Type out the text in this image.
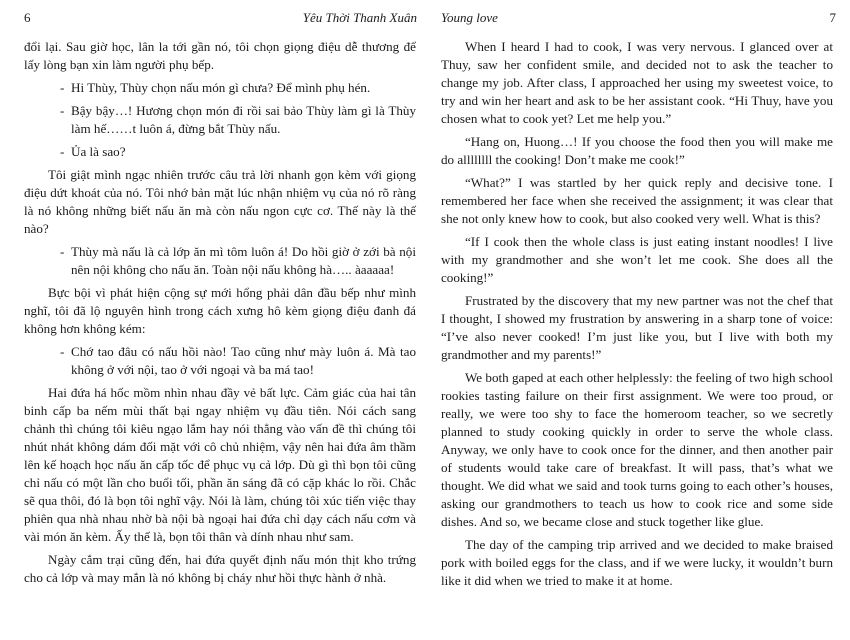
6	Yêu Thời Thanh Xuân

đổi lại. Sau giờ học, lân la tới gần nó, tôi chọn giọng điệu dễ thương để lấy lòng bạn xin làm người phụ bếp.

- Hi Thùy, Thùy chọn nấu món gì chưa? Để mình phụ hén.

- Bậy bậy…! Hương chọn món đi rồi sai bảo Thùy làm gì là Thùy làm hế……t luôn á, đừng bắt Thùy nấu.

- Ủa là sao?

Tôi giật mình ngạc nhiên trước câu trả lời nhanh gọn kèm với giọng điệu dứt khoát của nó. Tôi nhớ bản mặt lúc nhận nhiệm vụ của nó rõ ràng là nó không những biết nấu ăn mà còn nấu ngon cực cơ. Thế này là thế nào?

- Thùy mà nấu là cả lớp ăn mì tôm luôn á! Do hồi giờ ở zới bà nội nên nội không cho nấu ăn. Toàn nội nấu không hà….. àaaaaa!

Bực bội vì phát hiện cộng sự mới hổng phải dân đầu bếp như mình nghĩ, tôi đã lộ nguyên hình trong cách xưng hô kèm giọng điệu đanh đá không hơn không kém:

- Chớ tao đâu có nấu hồi nào! Tao cũng như mày luôn á. Mà tao không ở với nội, tao ở với ngoại và ba má tao!

Hai đứa há hốc mồm nhìn nhau đầy vẻ bất lực. Cảm giác của hai tân binh cấp ba nếm mùi thất bại ngay nhiệm vụ đầu tiên. Nói cách sang chảnh thì chúng tôi kiêu ngạo lắm hay nói thẳng vào vấn đề thì chúng tôi nhút nhát không dám đối mặt với cô chủ nhiệm, vậy nên hai đứa âm thầm lên kế hoạch học nấu ăn cấp tốc để phục vụ cả lớp. Dù gì thì bọn tôi cũng chỉ nấu có một lần cho buổi tối, phần ăn sáng đã có cặp khác lo rồi. Chắc sẽ qua thôi, đó là bọn tôi nghĩ vậy. Nói là làm, chúng tôi xúc tiến việc thay phiên qua nhà nhau nhờ bà nội bà ngoại hai đứa chỉ dạy cách nấu cơm và vài món ăn kèm. Ấy thế là, bọn tôi thân và dính nhau như sam.

Ngày cắm trại cũng đến, hai đứa quyết định nấu món thịt kho trứng cho cả lớp và may mắn là nó không bị cháy như hồi thực hành ở nhà.

Young love	7

When I heard I had to cook, I was very nervous. I glanced over at Thuy, saw her confident smile, and decided not to ask the teacher to change my job. After class, I approached her using my sweetest voice, to try and win her heart and ask to be her assistant cook. “Hi Thuy, have you chosen what to cook yet? Let me help you.”

“Hang on, Huong…! If you choose the food then you will make me do allllllll the cooking! Don’t make me cook!”

“What?” I was startled by her quick reply and decisive tone. I remembered her face when she received the assignment; it was clear that she not only knew how to cook, but also cooked very well. What is this?

“If I cook then the whole class is just eating instant noodles! I live with my grandmother and she won’t let me cook. She does all the cooking!”

Frustrated by the discovery that my new partner was not the chef that I thought, I showed my frustration by answering in a sharp tone of voice: “I’ve also never cooked! I’m just like you, but I live with both my grandmother and my parents!”

We both gaped at each other helplessly: the feeling of two high school rookies tasting failure on their first assignment. We were too proud, or really, we were too shy to face the homeroom teacher, so we secretly planned to study cooking quickly in order to serve the whole class. Anyway, we only have to cook once for the dinner, and then another pair of students would take care of breakfast. It will pass, that’s what we thought. We did what we said and took turns going to each other’s houses, asking our grandmothers to teach us how to cook rice and some side dishes. And so, we became close and stuck together like glue.

The day of the camping trip arrived and we decided to make braised pork with boiled eggs for the class, and if we were lucky, it wouldn’t burn like it did when we tried to make it at home.
